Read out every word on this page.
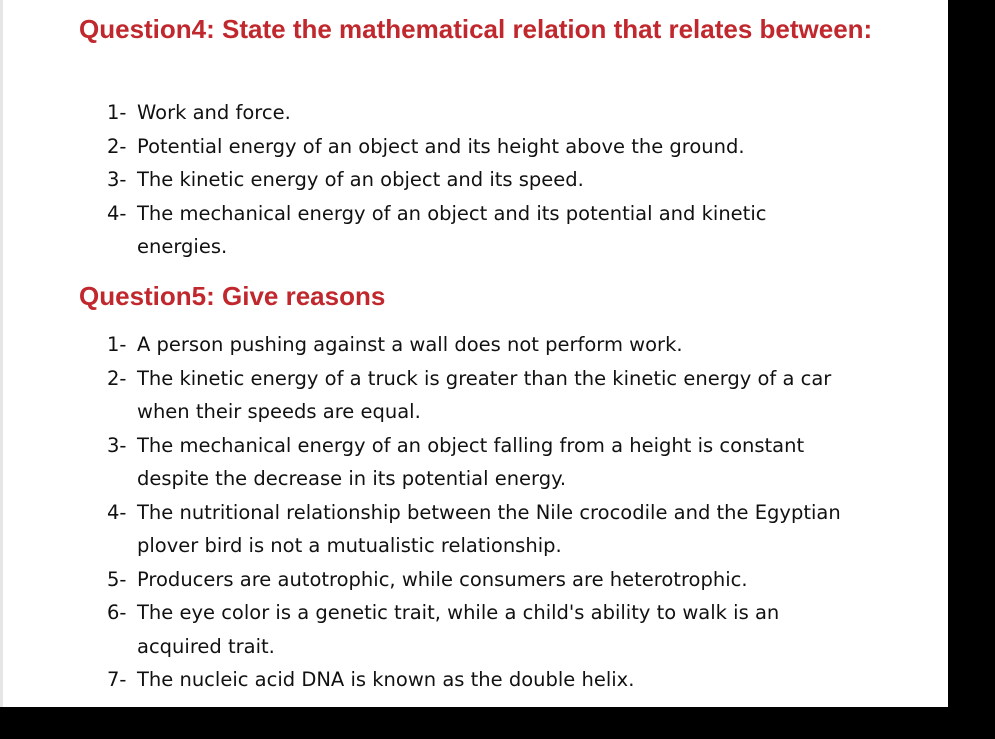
Question4: State the mathematical relation that relates between:
1- Work and force.
2- Potential energy of an object and its height above the ground.
3- The kinetic energy of an object and its speed.
4- The mechanical energy of an object and its potential and kinetic energies.
Question5: Give reasons
1- A person pushing against a wall does not perform work.
2- The kinetic energy of a truck is greater than the kinetic energy of a car when their speeds are equal.
3- The mechanical energy of an object falling from a height is constant despite the decrease in its potential energy.
4- The nutritional relationship between the Nile crocodile and the Egyptian plover bird is not a mutualistic relationship.
5- Producers are autotrophic, while consumers are heterotrophic.
6- The eye color is a genetic trait, while a child's ability to walk is an acquired trait.
7- The nucleic acid DNA is known as the double helix.
